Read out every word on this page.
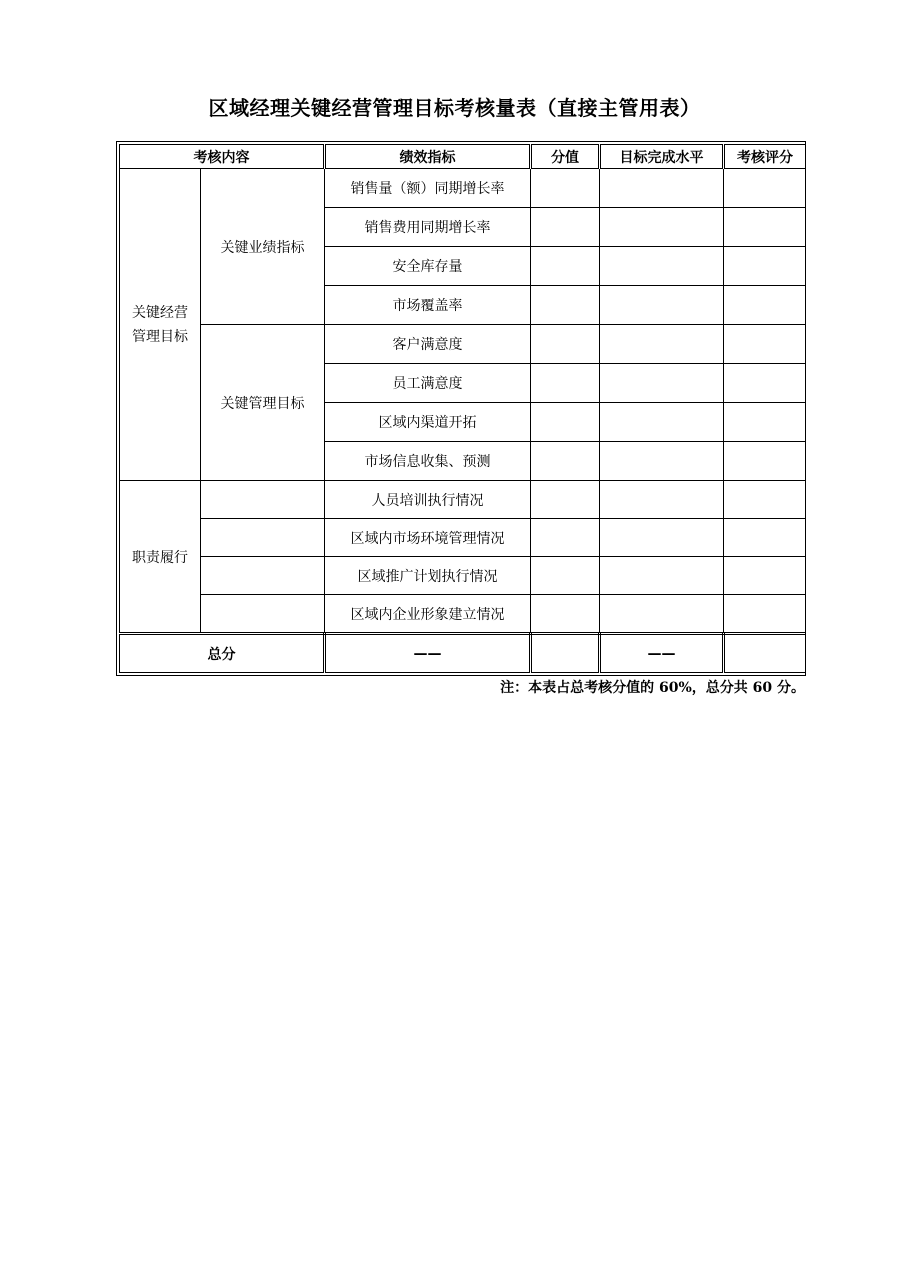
区域经理关键经营管理目标考核量表（直接主管用表）
考核内容		绩效指标	分值	目标完成水平	考核评分
关键经营管理目标	关键业绩指标	销售量（额）同期增长率			
		销售费用同期增长率			
		安全库存量			
		市场覆盖率			
	关键管理目标	客户满意度			
		员工满意度			
		区域内渠道开拓			
		市场信息收集、预测			
职责履行		人员培训执行情况			
		区域内市场环境管理情况			
		区域推广计划执行情况			
		区域内企业形象建立情况			
总分		——		——	
注：本表占总考核分值的 60%，总分共 60 分。
